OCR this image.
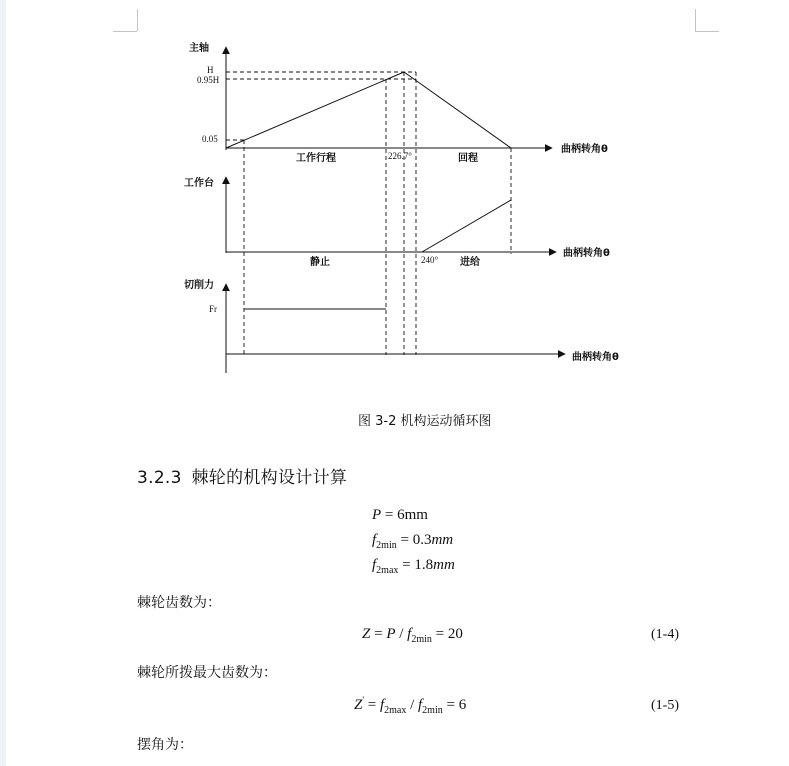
主轴
H
0.95H
0.05
工作行程	226.7°	回程
曲柄转角θ
工作台
静止	240° 进给
曲柄转角θ
切削力
Fr
曲柄转角θ
图 3-2 机构运动循环图
3.2.3 棘轮的机构设计计算
P = 6mm
$f_{2min} = 0.3mm$
$f_{2max} = 1.8mm$
棘轮齿数为：
$Z = P / f_{2min} = 20$	(1-4)
棘轮所拨最大齿数为：
$Z' = f_{2max} / f_{2min} = 6$	(1-5)
摆角为：
